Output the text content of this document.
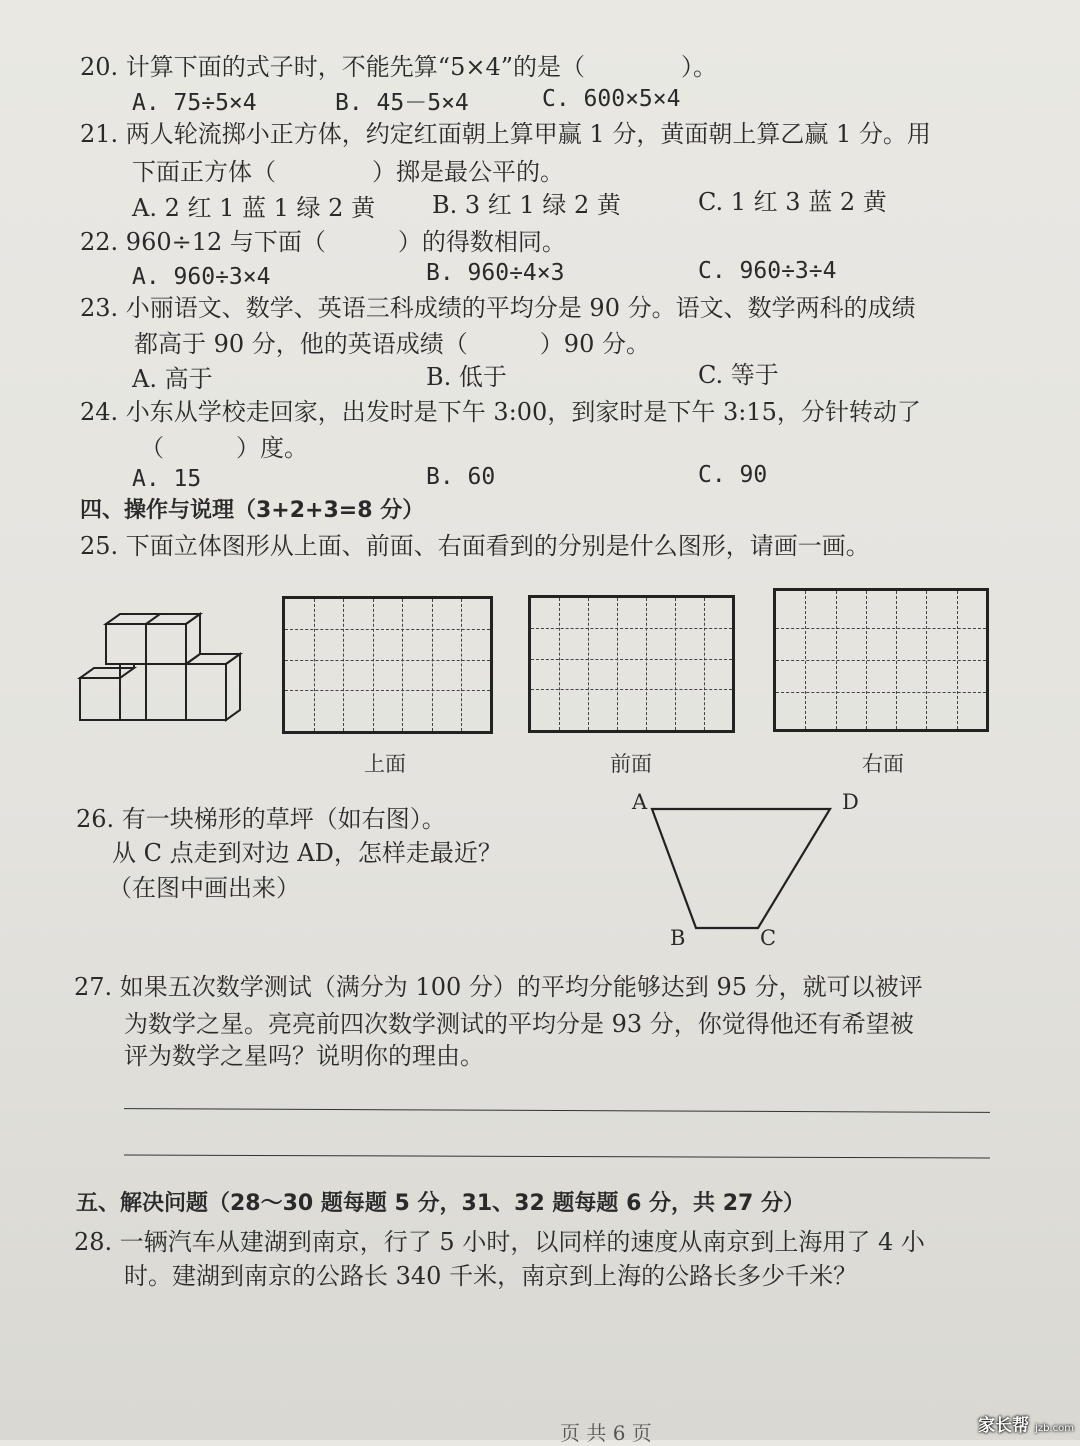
20. 计算下面的式子时，不能先算“5×4”的是（　　　　）。
A. 75÷5×4	B. 45－5×4	C. 600×5×4
21. 两人轮流掷小正方体，约定红面朝上算甲赢 1 分，黄面朝上算乙赢 1 分。用
下面正方体（　　　　）掷是最公平的。
A. 2 红 1 蓝 1 绿 2 黄 B. 3 红 1 绿 2 黄	C. 1 红 3 蓝 2 黄
22. 960÷12 与下面（　　　）的得数相同。
A. 960÷3×4	B. 960÷4×3	C. 960÷3÷4
23. 小丽语文、数学、英语三科成绩的平均分是 90 分。语文、数学两科的成绩
都高于 90 分，他的英语成绩（　　　）90 分。
A. 高于	B. 低于	C. 等于
24. 小东从学校走回家，出发时是下午 3:00，到家时是下午 3:15，分针转动了
（　　　）度。
A. 15	B. 60	C. 90
四、操作与说理（3+2+3=8 分）
25. 下面立体图形从上面、前面、右面看到的分别是什么图形，请画一画。
上面	前面	右面
26. 有一块梯形的草坪（如右图）。
从 C 点走到对边 AD，怎样走最近？
（在图中画出来）
A	D
B	C
27. 如果五次数学测试（满分为 100 分）的平均分能够达到 95 分，就可以被评
为数学之星。亮亮前四次数学测试的平均分是 93 分，你觉得他还有希望被
评为数学之星吗？说明你的理由。
五、解决问题（28～30 题每题 5 分，31、32 题每题 6 分，共 27 分）
28. 一辆汽车从建湖到南京，行了 5 小时，以同样的速度从南京到上海用了 4 小
时。建湖到南京的公路长 340 千米，南京到上海的公路长多少千米？
页 共 6 页	家长帮 jzb.com
